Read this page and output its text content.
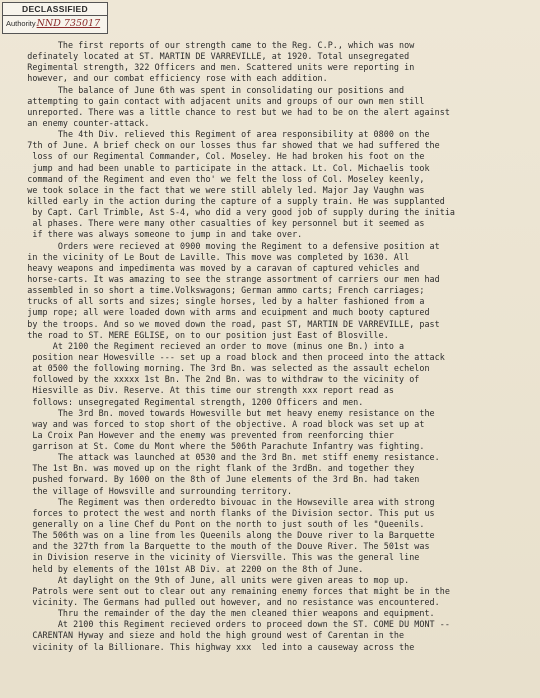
DECLASSIFIED
AuthorityNND 735017
The first reports of our strength came to the Reg. C.P., which was now
definately located at ST. MARTIN DE VARREVILLE, at 1920. Total unsegregated
Regimental strength, 322 Officers and men. Scattered units were reporting in
however, and our combat efficiency rose with each addition.
The balance of June 6th was spent in consolidating our positions and
attempting to gain contact with adjacent units and groups of our own men still
unreported. There was a little chance to rest but we had to be on the alert against
an enemy counter-attack.
The 4th Div. relieved this Regiment of area responsibility at 0800 on the
7th of June. A brief check on our losses thus far showed that we had suffered the
loss of our Regimental Commander, Col. Moseley. He had broken his foot on the
jump and had been unable to participate in the attack. Lt. Col. Michaelis took
command of the Regiment and even tho' we felt the loss of Col. Moseley keenly,
we took solace in the fact that we were still ablely led. Major Jay Vaughn was
killed early in the action during the capture of a supply train. He was supplanted
by Capt. Carl Trimble, Ast S-4, who did a very good job of supply during the initia
al phases. There were many other casualties of key personnel but it seemed as
if there was always someone to jump in and take over.
Orders were recieved at 0900 moving the Regiment to a defensive position at
in the vicinity of Le Bout de Laville. This move was completed by 1630. All
heavy weapons and impedimenta was moved by a caravan of captured vehicles and
horse-carts. It was amazing to see the strange assortment of carriers our men had
assembled in so short a time.Volkswagons; German ammo carts; French carriages;
trucks of all sorts and sizes; single horses, led by a halter fashioned from a
jump rope; all were loaded down with arms and ecuipment and much booty captured
by the troops. And so we moved down the road, past ST, MARTIN DE VARREVILLE, past
the road to ST. MERE EGLISE, on to our position just East of Blosville.
At 2100 the Regiment recieved an order to move (minus one Bn.) into a
position near Howesville --- set up a road block and then proceed into the attack
at 0500 the following morning. The 3rd Bn. was selected as the assault echelon
followed by the xxxxx 1st Bn. The 2nd Bn. was to withdraw to the vicinity of
Hiesville as Div. Reserve. At this time our strength xxx report read as
follows: unsegregated Regimental strength, 1200 Officers and men.
The 3rd Bn. moved towards Howesville but met heavy enemy resistance on the
way and was forced to stop short of the objective. A road block was set up at
La Croix Pan However and the enemy was prevented from reenforcing thier
garrison at St. Come du Mont where the 506th Parachute Infantry was fighting.
The attack was launched at 0530 and the 3rd Bn. met stiff enemy resistance.
The 1st Bn. was moved up on the right flank of the 3rdBn. and together they
pushed forward. By 1600 on the 8th of June elements of the 3rd Bn. had taken
the village of Howsville and surrounding territory.
The Regiment was then orderedto bivouac in the Howseville area with strong
forces to protect the west and north flanks of the Division sector. This put us
generally on a line Chef du Pont on the north to just south of les "Queenils.
The 506th was on a line from les Queenils along the Douve river to la Barquette
and the 327th from la Barquette to the mouth of the Douve River. The 501st was
in Division reserve in the vicinity of Viersville. This was the general line
held by elements of the 101st AB Div. at 2200 on the 8th of June.
At daylight on the 9th of June, all units were given areas to mop up.
Patrols were sent out to clear out any remaining enemy forces that might be in the
vicinity. The Germans had pulled out however, and no resistance was encountered.
Thru the remainder of the day the men cleaned thier weapons and equipment.
At 2100 this Regiment recieved orders to proceed down the ST. COME DU MONT --
CARENTAN Hyway and sieze and hold the high ground west of Carentan in the
vicinity of la Billionare. This highway xxx  led into a causeway across the
